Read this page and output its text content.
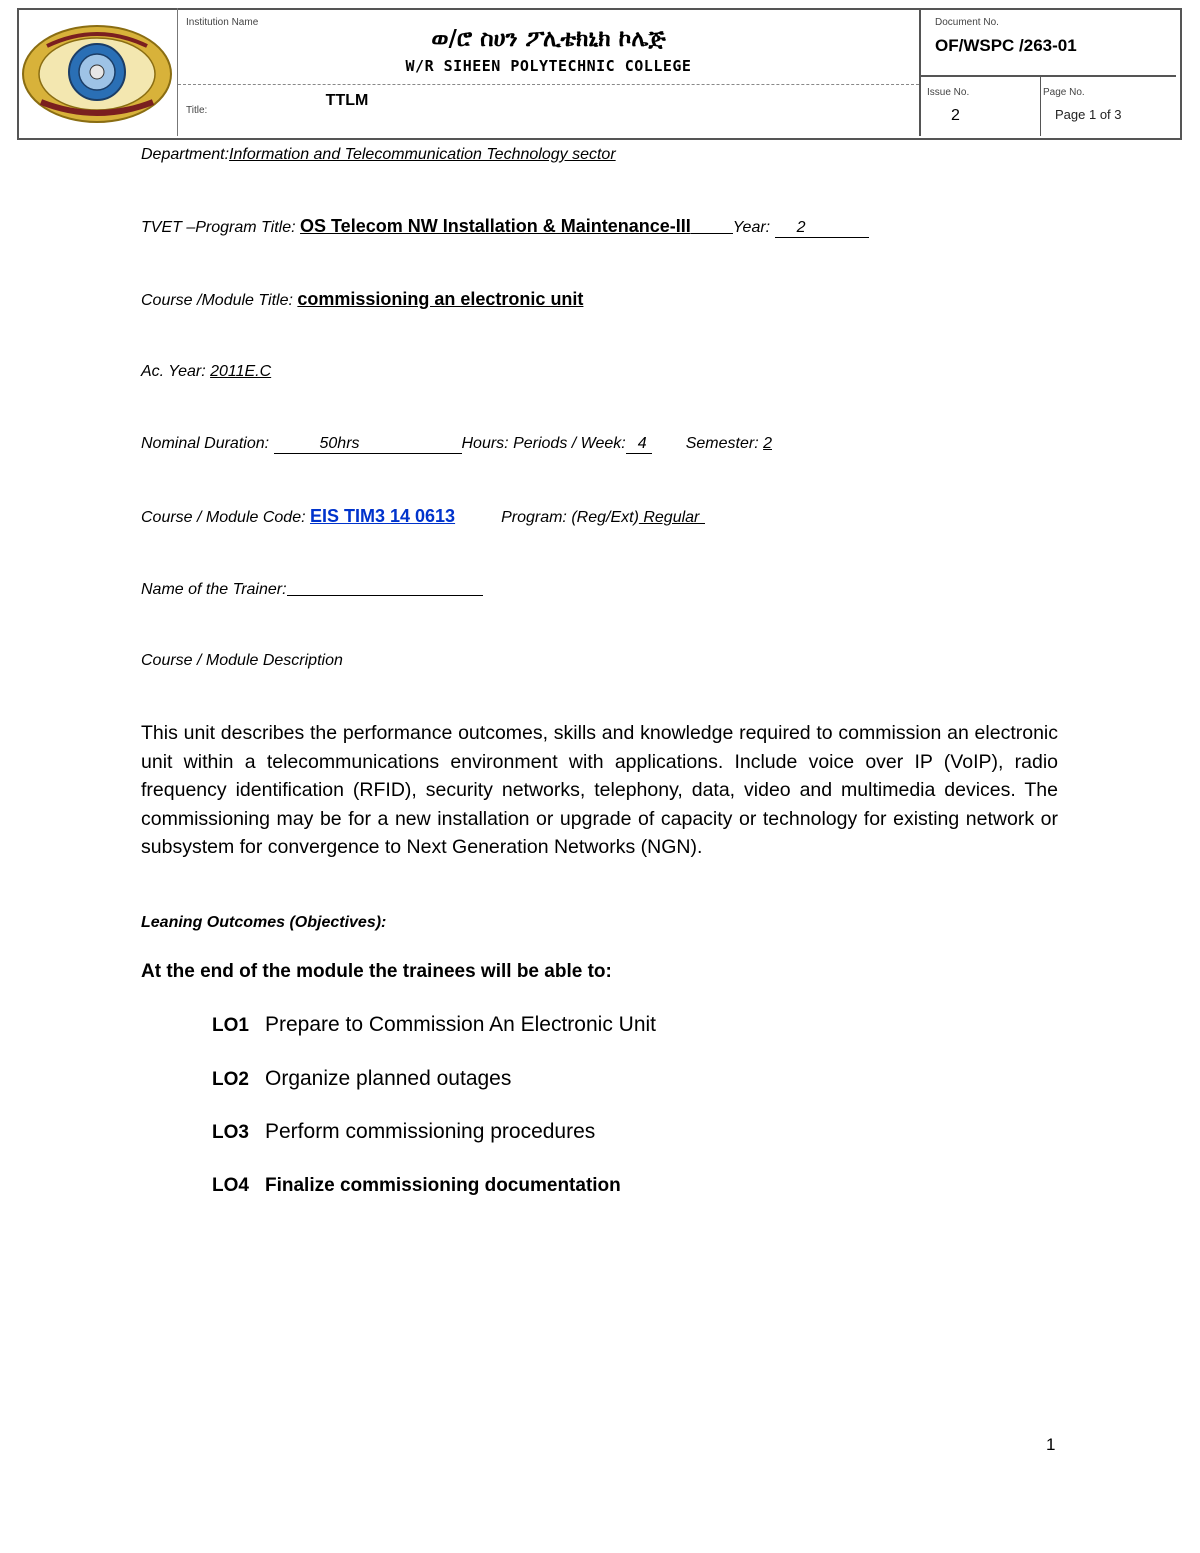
Institution Name
ወ/ሮ ስሀን ፖሊቴክኒክ ኮሌጅ
W/R SIHEEN POLYTECHNIC COLLEGE
Title:
TTLM
Document No.
OF/WSPC /263-01
Issue No.
2
Page No.
Page 1 of 3
Department:Information and Telecommunication Technology sector
TVET –Program Title: OS Telecom NW Installation & Maintenance-III	Year: 2
Course /Module Title: commissioning an electronic unit
Ac. Year: 2011E.C
Nominal Duration:	50hrs	Hours: Periods / Week: 4 Semester: 2
Course / Module Code: EIS TIM3 14 0613	Program: (Reg/Ext) Regular
Name of the Trainer:
Course / Module Description
This unit describes the performance outcomes, skills and knowledge required to commission an electronic unit within a telecommunications environment with applications. Include voice over IP (VoIP), radio frequency identification (RFID), security networks, telephony, data, video and multimedia devices. The commissioning may be for a new installation or upgrade of capacity or technology for existing network or subsystem for convergence to Next Generation Networks (NGN).
Leaning Outcomes (Objectives):
At the end of the module the trainees will be able to:
LO1 Prepare to Commission An Electronic Unit
LO2 Organize planned outages
LO3 Perform commissioning procedures
LO4 Finalize commissioning documentation
1
